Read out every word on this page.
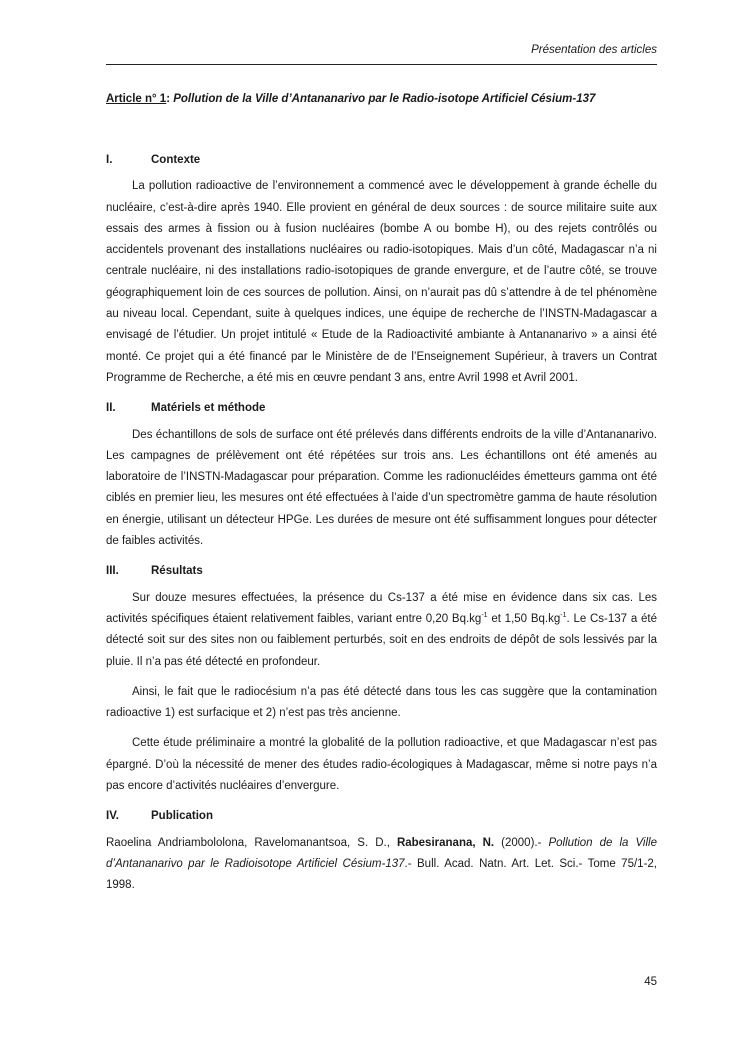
Présentation des articles
Article n° 1: Pollution de la Ville d’Antananarivo par le Radio-isotope Artificiel Césium-137
I.	Contexte

La pollution radioactive de l’environnement a commencé avec le développement à grande échelle du nucléaire, c’est-à-dire après 1940. Elle provient en général de deux sources : de source militaire suite aux essais des armes à fission ou à fusion nucléaires (bombe A ou bombe H), ou des rejets contrôlés ou accidentels provenant des installations nucléaires ou radio-isotopiques. Mais d’un côté, Madagascar n’a ni centrale nucléaire, ni des installations radio-isotopiques de grande envergure, et de l’autre côté, se trouve géographiquement loin de ces sources de pollution. Ainsi, on n’aurait pas dû s’attendre à de tel phénomène au niveau local. Cependant, suite à quelques indices, une équipe de recherche de l’INSTN-Madagascar a envisagé de l’étudier. Un projet intitulé « Etude de la Radioactivité ambiante à Antananarivo » a ainsi été monté. Ce projet qui a été financé par le Ministère de de l’Enseignement Supérieur, à travers un Contrat Programme de Recherche, a été mis en œuvre pendant 3 ans, entre Avril 1998 et Avril 2001.

II.	Matériels et méthode

Des échantillons de sols de surface ont été prélevés dans différents endroits de la ville d’Antananarivo. Les campagnes de prélèvement ont été répétées sur trois ans. Les échantillons ont été amenés au laboratoire de l’INSTN-Madagascar pour préparation. Comme les radionucléides émetteurs gamma ont été ciblés en premier lieu, les mesures ont été effectuées à l’aide d’un spectromètre gamma de haute résolution en énergie, utilisant un détecteur HPGe. Les durées de mesure ont été suffisamment longues pour détecter de faibles activités.

III.	Résultats

Sur douze mesures effectuées, la présence du Cs-137 a été mise en évidence dans six cas. Les activités spécifiques étaient relativement faibles, variant entre 0,20 $Bq.kg^{-1}$ et 1,50 $Bq.kg^{-1}$. Le Cs-137 a été détecté soit sur des sites non ou faiblement perturbés, soit en des endroits de dépôt de sols lessivés par la pluie. Il n’a pas été détecté en profondeur.

Ainsi, le fait que le radiocésium n’a pas été détecté dans tous les cas suggère que la contamination radioactive 1) est surfacique et 2) n’est pas très ancienne.

Cette étude préliminaire a montré la globalité de la pollution radioactive, et que Madagascar n’est pas épargné. D’où la nécessité de mener des études radio-écologiques à Madagascar, même si notre pays n’a pas encore d’activités nucléaires d’envergure.

IV.	Publication

Raoelina Andriambololona, Ravelomanantsoa, S. D., Rabesiranana, N. (2000).- Pollution de la Ville d’Antananarivo par le Radioisotope Artificiel Césium-137.- Bull. Acad. Natn. Art. Let. Sci.- Tome 75/1-2, 1998.

45
